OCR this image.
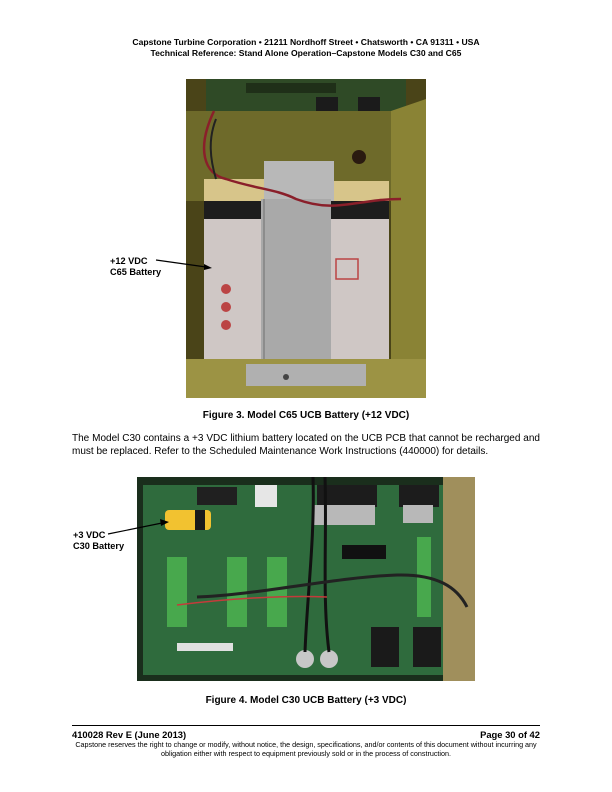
Capstone Turbine Corporation • 21211 Nordhoff Street • Chatsworth • CA 91311 • USA
Technical Reference: Stand Alone Operation–Capstone Models C30 and C65
+12 VDC
C65 Battery
Figure 3. Model C65 UCB Battery (+12 VDC)

The Model C30 contains a +3 VDC lithium battery located on the UCB PCB that cannot be recharged and must be replaced. Refer to the Scheduled Maintenance Work Instructions (440000) for details.

+3 VDC
C30 Battery
Figure 4. Model C30 UCB Battery (+3 VDC)
410028 Rev E (June 2013)	Page 30 of 42

Capstone reserves the right to change or modify, without notice, the design, specifications, and/or contents of this document without incurring any obligation either with respect to equipment previously sold or in the process of construction.
